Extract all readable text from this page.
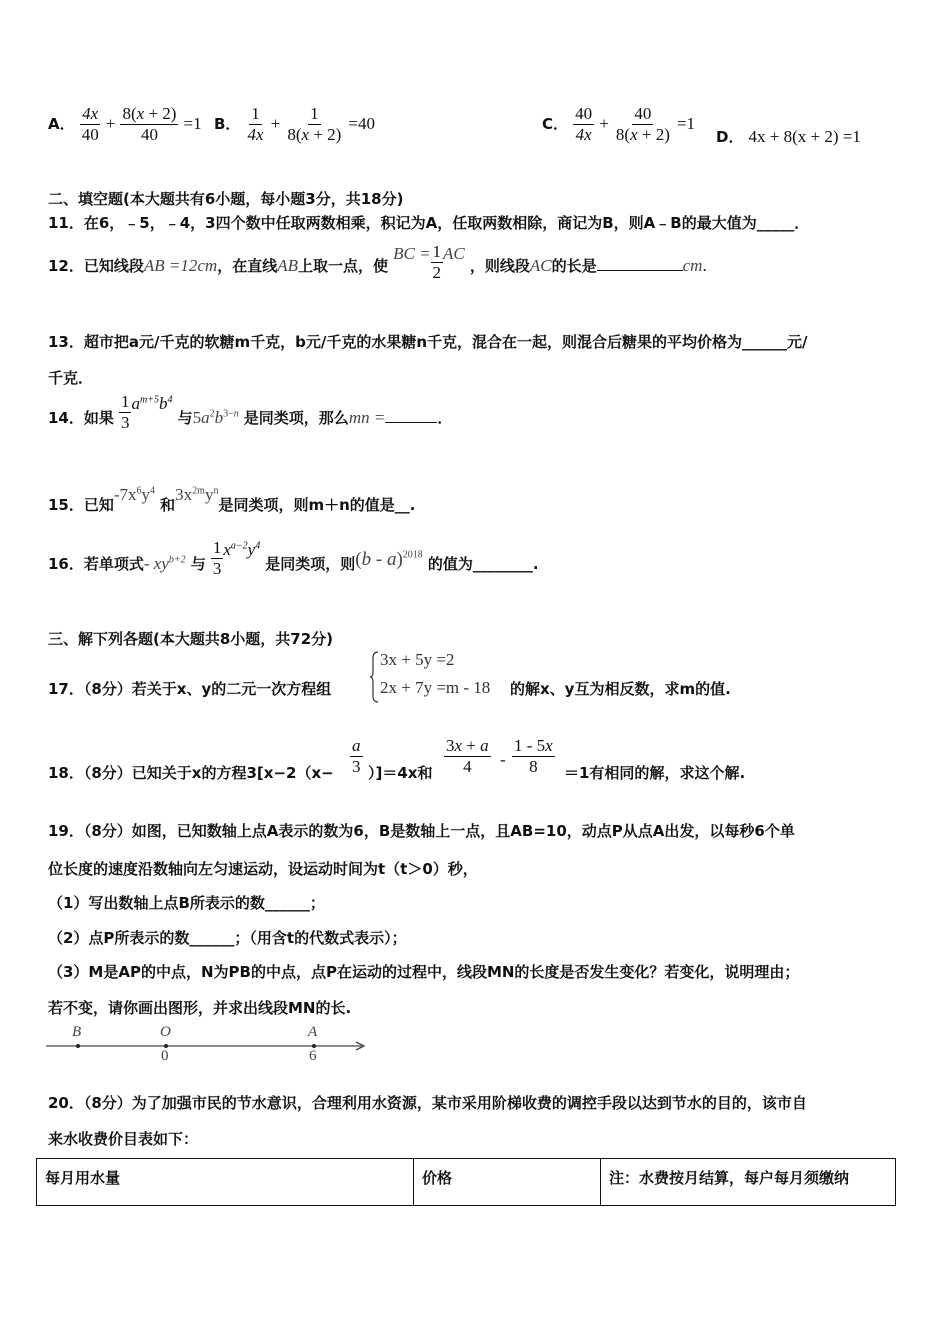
A． $\frac{4x}{40} + \frac{8(x + 2)}{40} =1$ B． $\frac{1}{4x} + \frac{1}{8(x + 2)} =40$	C． $\frac{40}{4x} + \frac{40}{8(x + 2)} =1$
D． 4x + 8(x + 2) =1
二、填空题(本大题共有6小题，每小题3分，共18分)
11．在6，﹣5，﹣4，3四个数中任取两数相乘，积记为A，任取两数相除，商记为B，则A﹣B的最大值为_____．
12．已知线段AB =12cm，在直线AB上取一点，使 BC = $\frac{1}{2}$ AC ，则线段AC的长是	cm.
13．超市把a元/千克的软糖m千克，b元/千克的水果糖n千克，混合在一起，则混合后糖果的平均价格为______元/
千克．
14．如果 $\frac{1}{3} a^{m+5}b^4$ 与$5a^2b^{3-n}$ 是同类项，那么mn =	．
15．已知$-7x^6y^4$ 和$3x^{2m}y^n$是同类项，则m＋n的值是__.
16．若单项式- $xy^{b+2}$ 与 $\frac{1}{3} x^{a-2}y^4$ 是同类项，则(b - a)$^{2018}$ 的值为________.
三、解下列各题(本大题共8小题，共72分)
17．（8分）若关于x、y的二元一次方程组
3x + 5y =2
2x + 7y =m - 18 的解x、y互为相反数，求m的值.
18．（8分）已知关于x的方程$3[x-2(x- \frac{a}{3} )]=4x$和 $\frac{3x + a}{4} - \frac{1 - 5x}{8} =1$有相同的解，求这个解.
19．（8分）如图，已知数轴上点A表示的数为6，B是数轴上一点，且AB=10，动点P从点A出发，以每秒6个单
位长度的速度沿数轴向左匀速运动，设运动时间为t（t＞0）秒，
（1）写出数轴上点B所表示的数______；
（2）点P所表示的数______；（用含t的代数式表示）；
（3）M是AP的中点，N为PB的中点，点P在运动的过程中，线段MN的长度是否发生变化？若变化，说明理由；
若不变，请你画出图形，并求出线段MN的长.
B	O	A
0	6
20．（8分）为了加强市民的节水意识，合理利用水资源，某市采用阶梯收费的调控手段以达到节水的目的，该市自
来水收费价目表如下：
每月用水量	价格	注：水费按月结算，每户每月须缴纳
